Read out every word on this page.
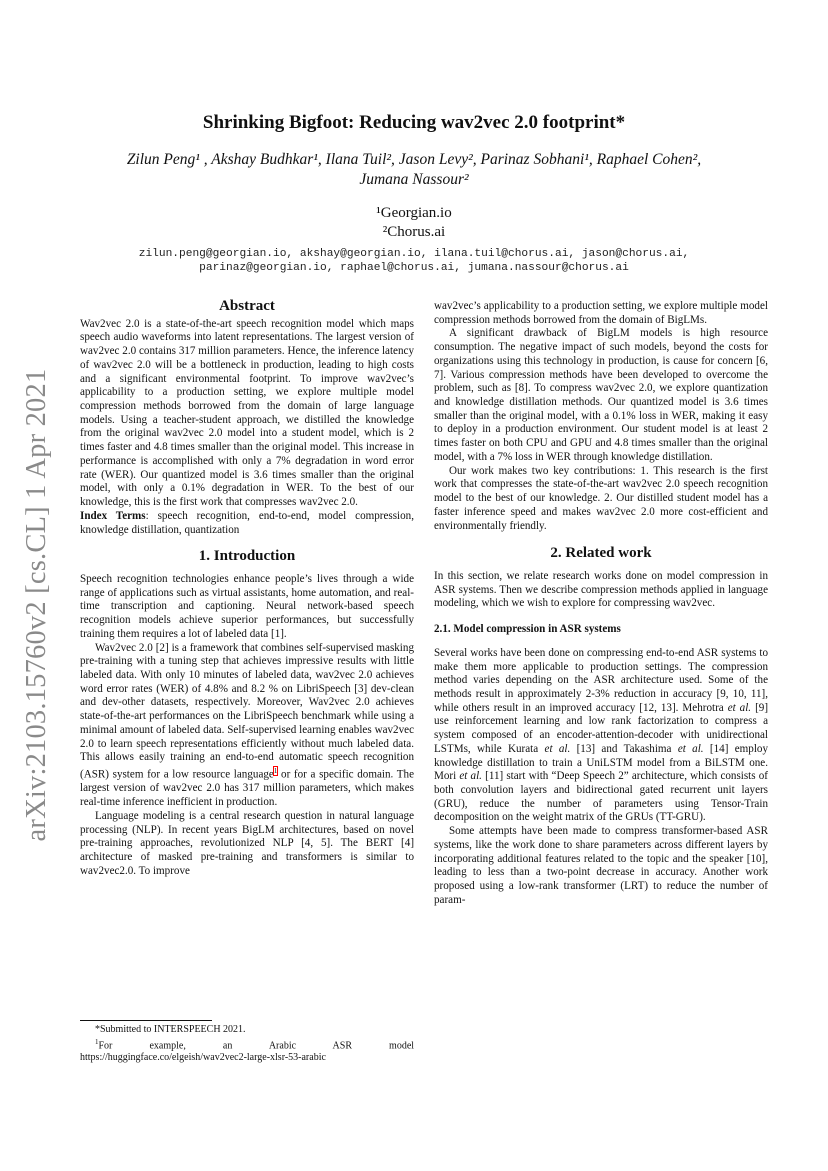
arXiv:2103.15760v2 [cs.CL] 1 Apr 2021
Shrinking Bigfoot: Reducing wav2vec 2.0 footprint*
Zilun Peng¹ , Akshay Budhkar¹, Ilana Tuil², Jason Levy², Parinaz Sobhani¹, Raphael Cohen²,
Jumana Nassour²
¹Georgian.io
²Chorus.ai
zilun.peng@georgian.io, akshay@georgian.io, ilana.tuil@chorus.ai, jason@chorus.ai,
parinaz@georgian.io, raphael@chorus.ai, jumana.nassour@chorus.ai
Abstract

Wav2vec 2.0 is a state-of-the-art speech recognition model which maps speech audio waveforms into latent representations. The largest version of wav2vec 2.0 contains 317 million parameters. Hence, the inference latency of wav2vec 2.0 will be a bottleneck in production, leading to high costs and a significant environmental footprint. To improve wav2vec’s applicability to a production setting, we explore multiple model compression methods borrowed from the domain of large language models. Using a teacher-student approach, we distilled the knowledge from the original wav2vec 2.0 model into a student model, which is 2 times faster and 4.8 times smaller than the original model. This increase in performance is accomplished with only a 7% degradation in word error rate (WER). Our quantized model is 3.6 times smaller than the original model, with only a 0.1% degradation in WER. To the best of our knowledge, this is the first work that compresses wav2vec 2.0.

Index Terms: speech recognition, end-to-end, model compression, knowledge distillation, quantization

1. Introduction

Speech recognition technologies enhance people’s lives through a wide range of applications such as virtual assistants, home automation, and real-time transcription and captioning. Neural network-based speech recognition models achieve superior performances, but successfully training them requires a lot of labeled data [1].

Wav2vec 2.0 [2] is a framework that combines self-supervised masking pre-training with a tuning step that achieves impressive results with little labeled data. With only 10 minutes of labeled data, wav2vec 2.0 achieves word error rates (WER) of 4.8% and 8.2 % on LibriSpeech [3] dev-clean and dev-other datasets, respectively. Moreover, Wav2vec 2.0 achieves state-of-the-art performances on the LibriSpeech benchmark while using a minimal amount of labeled data. Self-supervised learning enables wav2vec 2.0 to learn speech representations efficiently without much labeled data. This allows easily training an end-to-end automatic speech recognition (ASR) system for a low resource language$^1$ or for a specific domain. The largest version of wav2vec 2.0 has 317 million parameters, which makes real-time inference inefficient in production.

Language modeling is a central research question in natural language processing (NLP). In recent years BigLM architectures, based on novel pre-training approaches, revolutionized NLP [4, 5]. The BERT [4] architecture of masked pre-training and transformers is similar to wav2vec2.0. To improve

*Submitted to INTERSPEECH 2021.

$^1$For	example,	an	Arabic	ASR	model

https://huggingface.co/elgeish/wav2vec2-large-xlsr-53-arabic

wav2vec’s applicability to a production setting, we explore multiple model compression methods borrowed from the domain of BigLMs.

A significant drawback of BigLM models is high resource consumption. The negative impact of such models, beyond the costs for organizations using this technology in production, is cause for concern [6, 7]. Various compression methods have been developed to overcome the problem, such as [8]. To compress wav2vec 2.0, we explore quantization and knowledge distillation methods. Our quantized model is 3.6 times smaller than the original model, with a 0.1% loss in WER, making it easy to deploy in a production environment. Our student model is at least 2 times faster on both CPU and GPU and 4.8 times smaller than the original model, with a 7% loss in WER through knowledge distillation.

Our work makes two key contributions: 1. This research is the first work that compresses the state-of-the-art wav2vec 2.0 speech recognition model to the best of our knowledge. 2. Our distilled student model has a faster inference speed and makes wav2vec 2.0 more cost-efficient and environmentally friendly.

2. Related work

In this section, we relate research works done on model compression in ASR systems. Then we describe compression methods applied in language modeling, which we wish to explore for compressing wav2vec.

2.1. Model compression in ASR systems

Several works have been done on compressing end-to-end ASR systems to make them more applicable to production settings. The compression method varies depending on the ASR architecture used. Some of the methods result in approximately 2-3% reduction in accuracy [9, 10, 11], while others result in an improved accuracy [12, 13]. Mehrotra et al. [9] use reinforcement learning and low rank factorization to compress a system composed of an encoder-attention-decoder with unidirectional LSTMs, while Kurata et al. [13] and Takashima et al. [14] employ knowledge distillation to train a UniLSTM model from a BiLSTM one. Mori et al. [11] start with “Deep Speech 2” architecture, which consists of both convolution layers and bidirectional gated recurrent unit layers (GRU), reduce the number of parameters using Tensor-Train decomposition on the weight matrix of the GRUs (TT-GRU).

Some attempts have been made to compress transformer-based ASR systems, like the work done to share parameters across different layers by incorporating additional features related to the topic and the speaker [10], leading to less than a two-point decrease in accuracy. Another work proposed using a low-rank transformer (LRT) to reduce the number of param-
